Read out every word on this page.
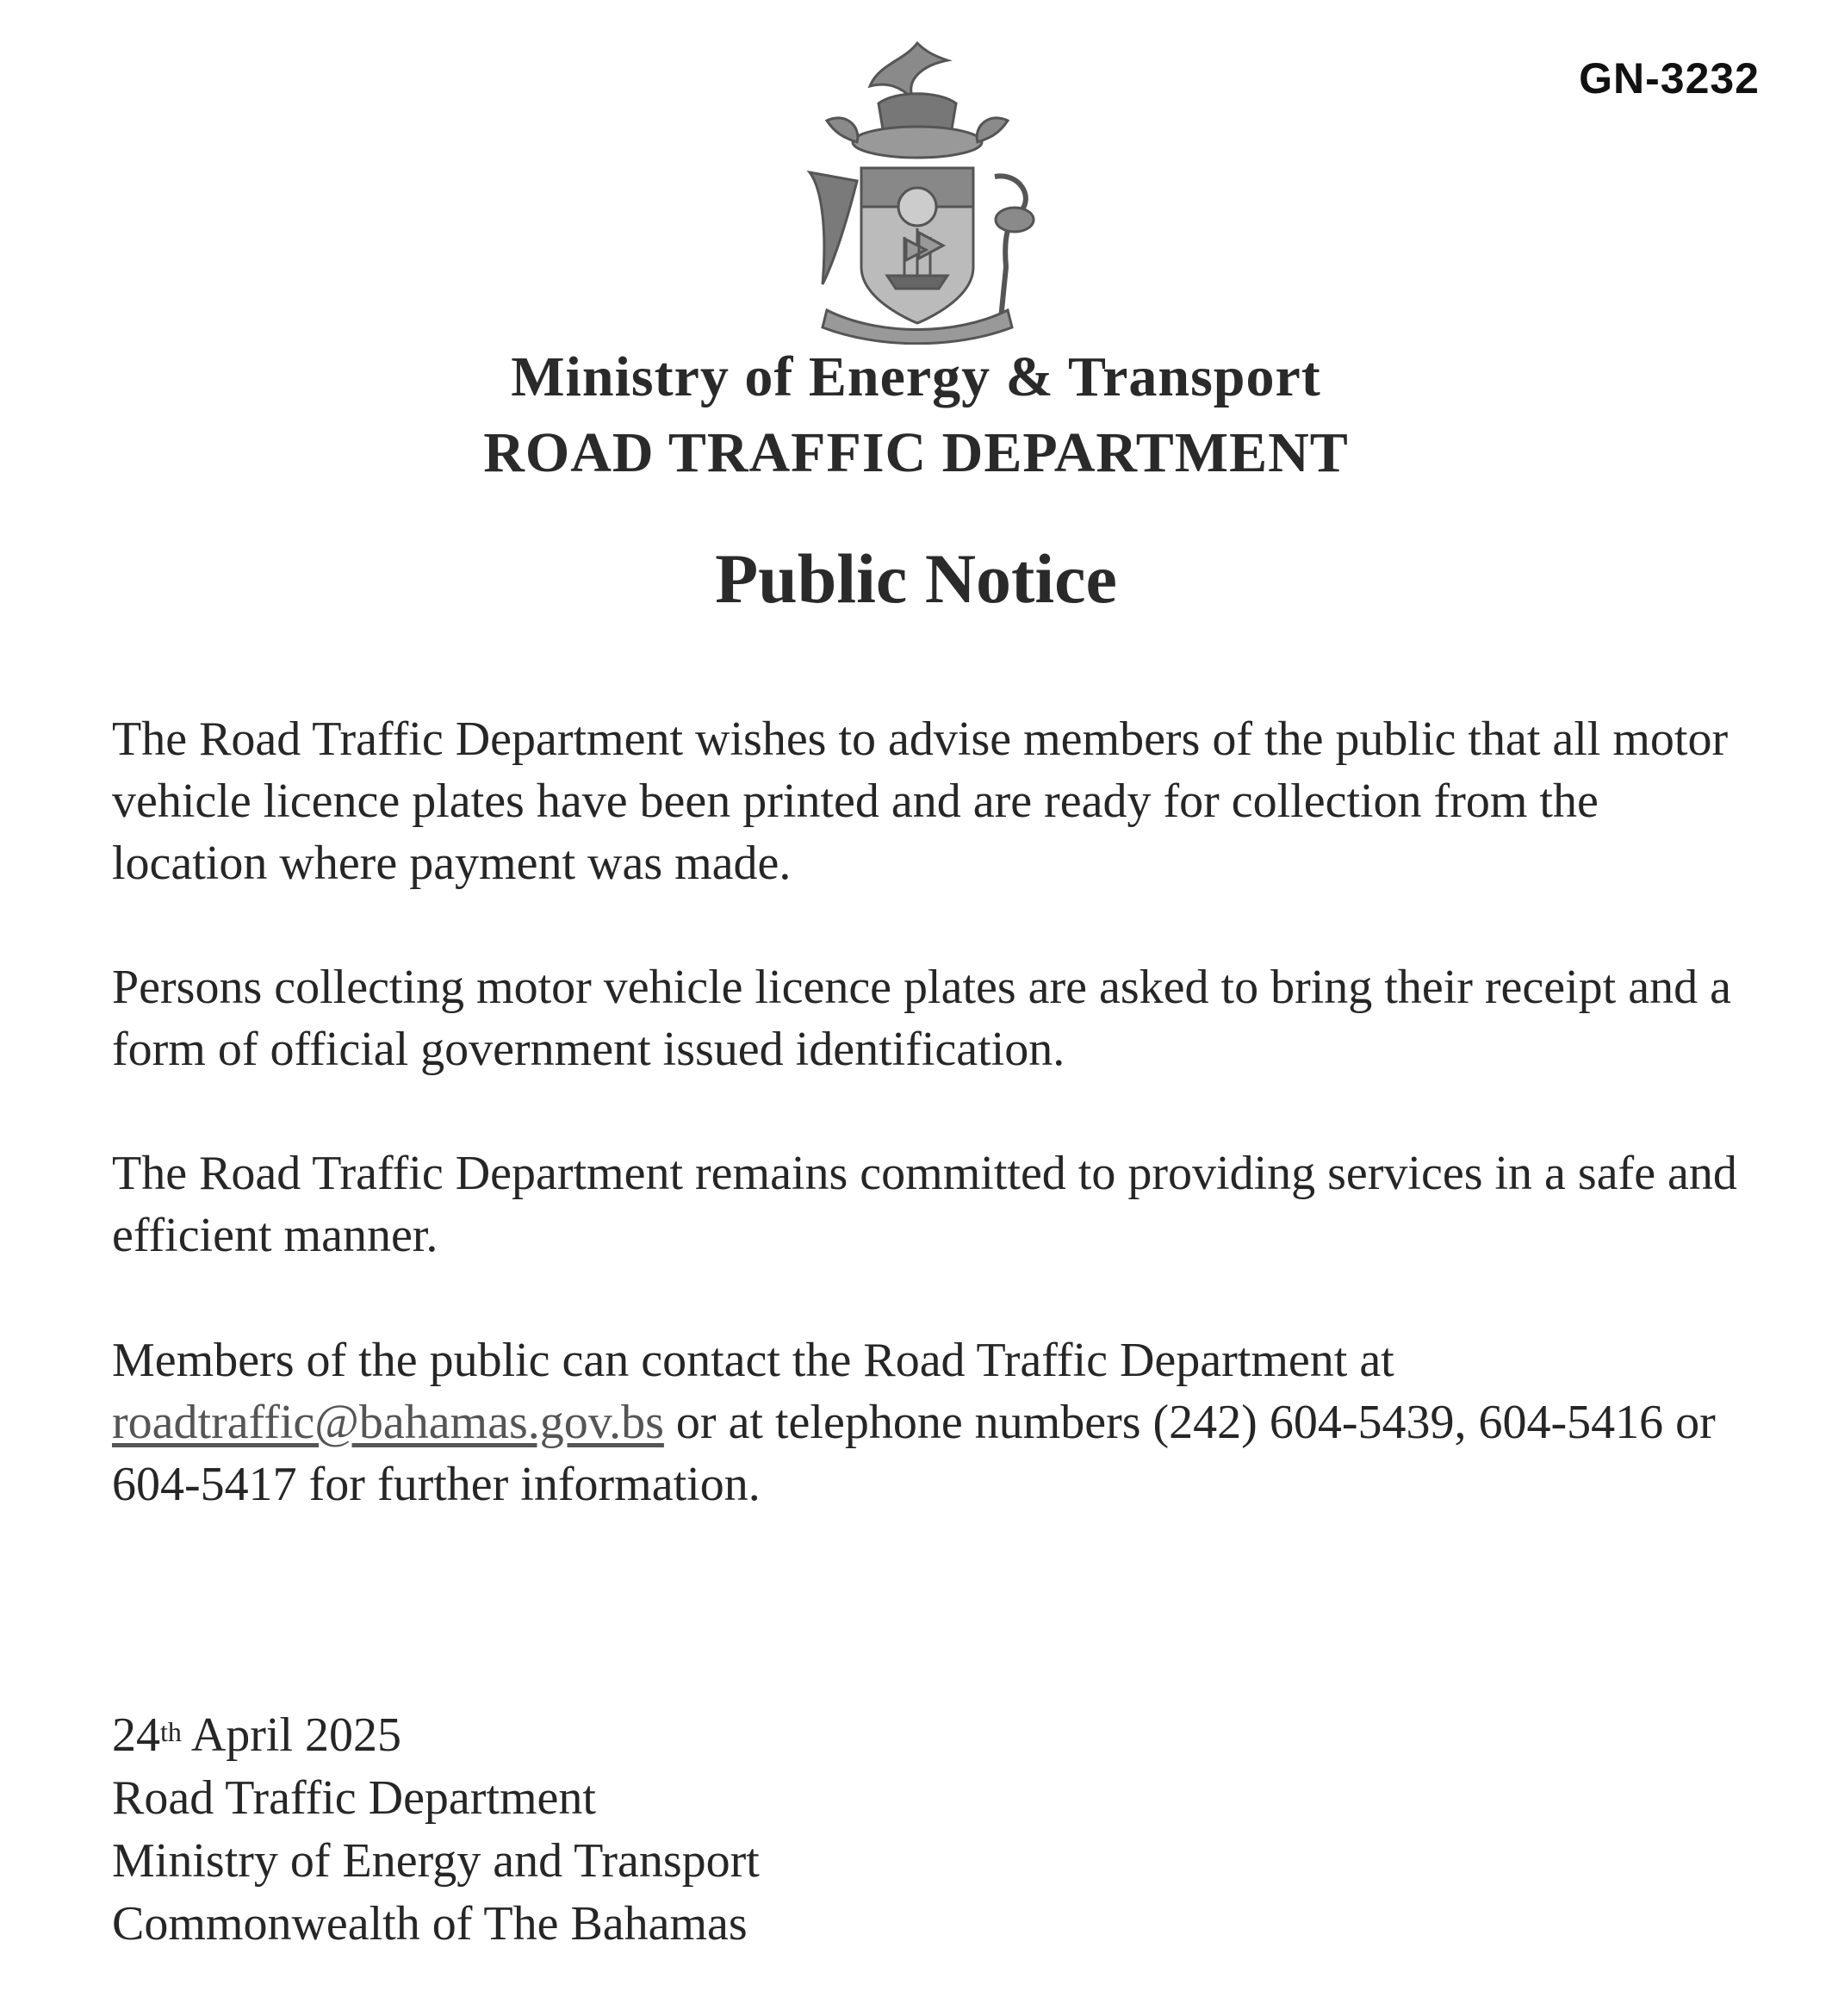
GN-3232
Ministry of Energy & Transport
ROAD TRAFFIC DEPARTMENT
Public Notice

The Road Traffic Department wishes to advise members of the public that all motor vehicle licence plates have been printed and are ready for collection from the location where payment was made.

Persons collecting motor vehicle licence plates are asked to bring their receipt and a form of official government issued identification.

The Road Traffic Department remains committed to providing services in a safe and efficient manner.

Members of the public can contact the Road Traffic Department at roadtraffic@bahamas.gov.bs or at telephone numbers (242) 604-5439, 604-5416 or 604-5417 for further information.

24th April 2025
Road Traffic Department
Ministry of Energy and Transport
Commonwealth of The Bahamas
